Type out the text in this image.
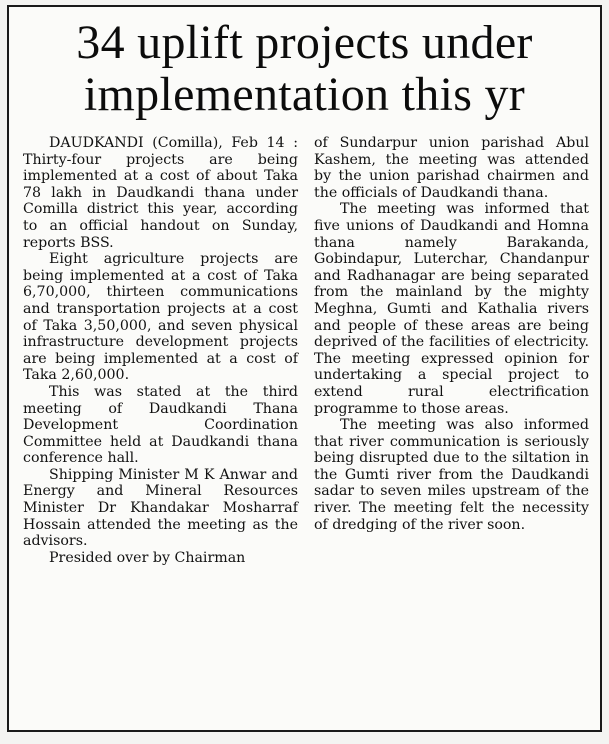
34 uplift projects under
implementation this yr

DAUDKANDI (Comilla), Feb 14 : Thirty-four projects are being implemented at a cost of about Taka 78 lakh in Daudkandi thana under Comilla district this year, according to an official handout on Sunday, reports BSS.

Eight agriculture projects are being implemented at a cost of Taka 6,70,000, thirteen communications and transportation projects at a cost of Taka 3,50,000, and seven physical infrastructure development projects are being implemented at a cost of Taka 2,60,000.

This was stated at the third meeting of Daudkandi Thana Development Coordination Committee held at Daudkandi thana conference hall.

Shipping Minister M K Anwar and Energy and Mineral Resources Minister Dr Khandakar Mosharraf Hossain attended the meeting as the advisors.

Presided over by Chairman

of Sundarpur union parishad Abul Kashem, the meeting was attended by the union parishad chairmen and the officials of Daudkandi thana.

The meeting was informed that five unions of Daudkandi and Homna thana namely Barakanda, Gobindapur, Luterchar, Chandanpur and Radhanagar are being separated from the mainland by the mighty Meghna, Gumti and Kathalia rivers and people of these areas are being deprived of the facilities of electricity. The meeting expressed opinion for undertaking a special project to extend rural electrification programme to those areas.

The meeting was also informed that river communication is seriously being disrupted due to the siltation in the Gumti river from the Daudkandi sadar to seven miles upstream of the river. The meeting felt the necessity of dredging of the river soon.
